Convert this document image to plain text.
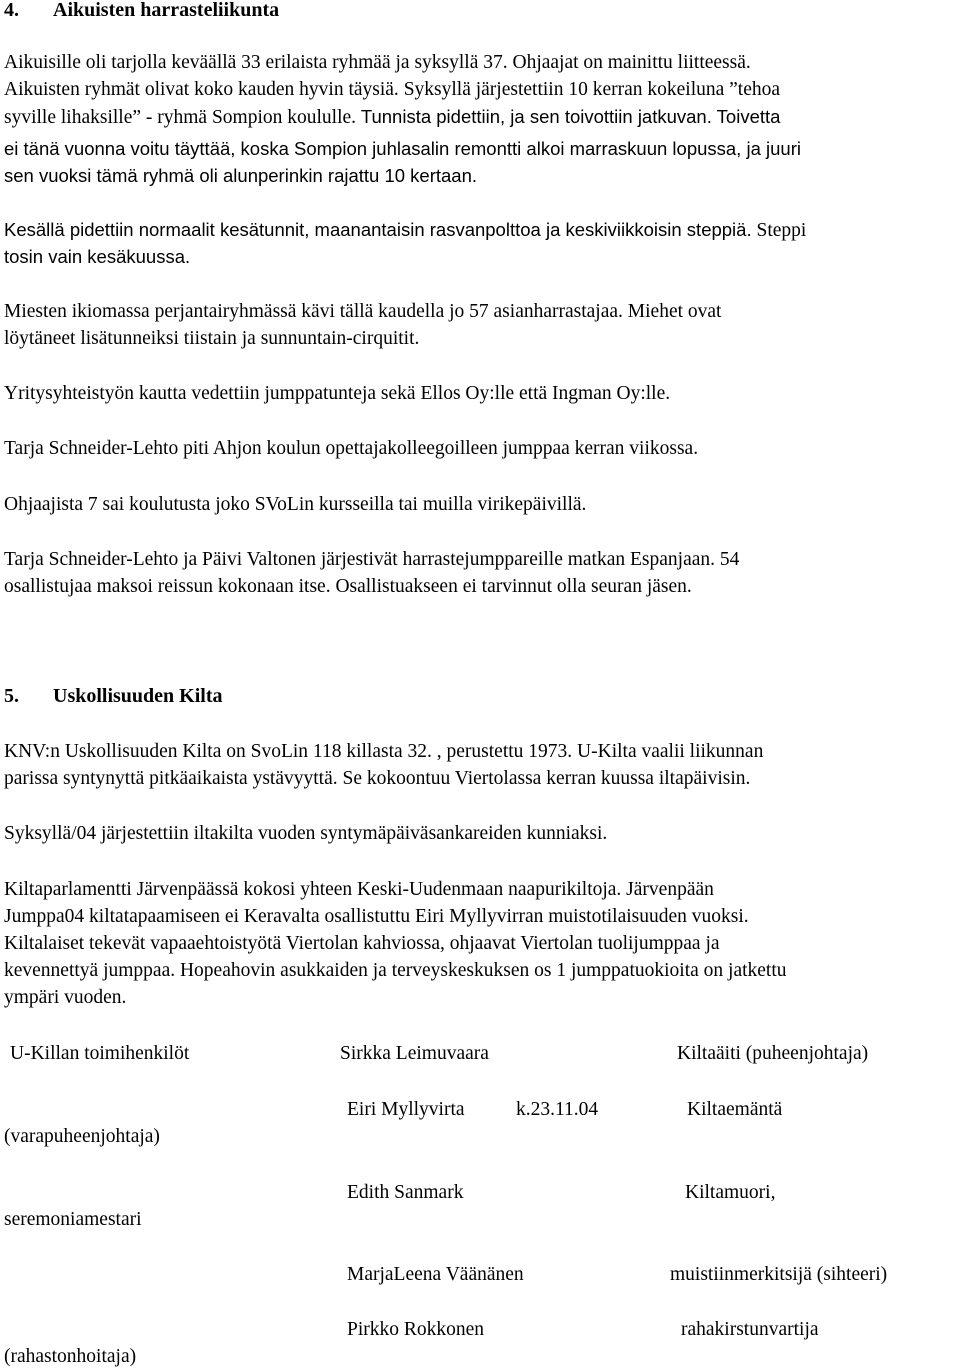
4. Aikuisten harrasteliikunta
Aikuisille oli tarjolla keväällä 33 erilaista ryhmää ja syksyllä 37. Ohjaajat on mainittu liitteessä.
Aikuisten ryhmät olivat koko kauden hyvin täysiä. Syksyllä järjestettiin 10 kerran kokeiluna ”tehoa
syville lihaksille” - ryhmä Sompion koululle. Tunnista pidettiin, ja sen toivottiin jatkuvan. Toivetta
ei tänä vuonna voitu täyttää, koska Sompion juhlasalin remontti alkoi marraskuun lopussa, ja juuri
sen vuoksi tämä ryhmä oli alunperinkin rajattu 10 kertaan.
Kesällä pidettiin normaalit kesätunnit, maanantaisin rasvanpolttoa ja keskiviikkoisin steppiä. Steppi
tosin vain kesäkuussa.
Miesten ikiomassa perjantairyhmässä kävi tällä kaudella jo 57 asianharrastajaa. Miehet ovat
löytäneet lisätunneiksi tiistain ja sunnuntain-cirquitit.
Yritysyhteistyön kautta vedettiin jumppatunteja sekä Ellos Oy:lle että Ingman Oy:lle.
Tarja Schneider-Lehto piti Ahjon koulun opettajakolleegoilleen jumppaa kerran viikossa.
Ohjaajista 7 sai koulutusta joko SVoLin kursseilla tai muilla virikepäivillä.
Tarja Schneider-Lehto ja Päivi Valtonen järjestivät harrastejumppareille matkan Espanjaan. 54
osallistujaa maksoi reissun kokonaan itse. Osallistuakseen ei tarvinnut olla seuran jäsen.
5. Uskollisuuden Kilta
KNV:n Uskollisuuden Kilta on SvoLin 118 killasta 32. , perustettu 1973. U-Kilta vaalii liikunnan
parissa syntynyttä pitkäaikaista ystävyyttä. Se kokoontuu Viertolassa kerran kuussa iltapäivisin.
Syksyllä/04 järjestettiin iltakilta vuoden syntymäpäiväsankareiden kunniaksi.
Kiltaparlamentti Järvenpäässä kokosi yhteen Keski-Uudenmaan naapurikiltoja. Järvenpään
Jumppa04 kiltatapaamiseen ei Keravalta osallistuttu Eiri Myllyvirran muistotilaisuuden vuoksi.
Kiltalaiset tekevät vapaaehtoistyötä Viertolan kahviossa, ohjaavat Viertolan tuolijumppaa ja
kevennettyä jumppaa. Hopeahovin asukkaiden ja terveyskeskuksen os 1 jumppatuokioita on jatkettu
ympäri vuoden.
U-Killan toimihenkilöt	Sirkka Leimuvaara	Kiltaäiti (puheenjohtaja)
Eiri Myllyvirta	k.23.11.04	Kiltaemäntä
(varapuheenjohtaja)
Edith Sanmark	Kiltamuori,
seremoniamestari
MarjaLeena Väänänen	muistiinmerkitsijä (sihteeri)
Pirkko Rokkonen	rahakirstunvartija
(rahastonhoitaja)
